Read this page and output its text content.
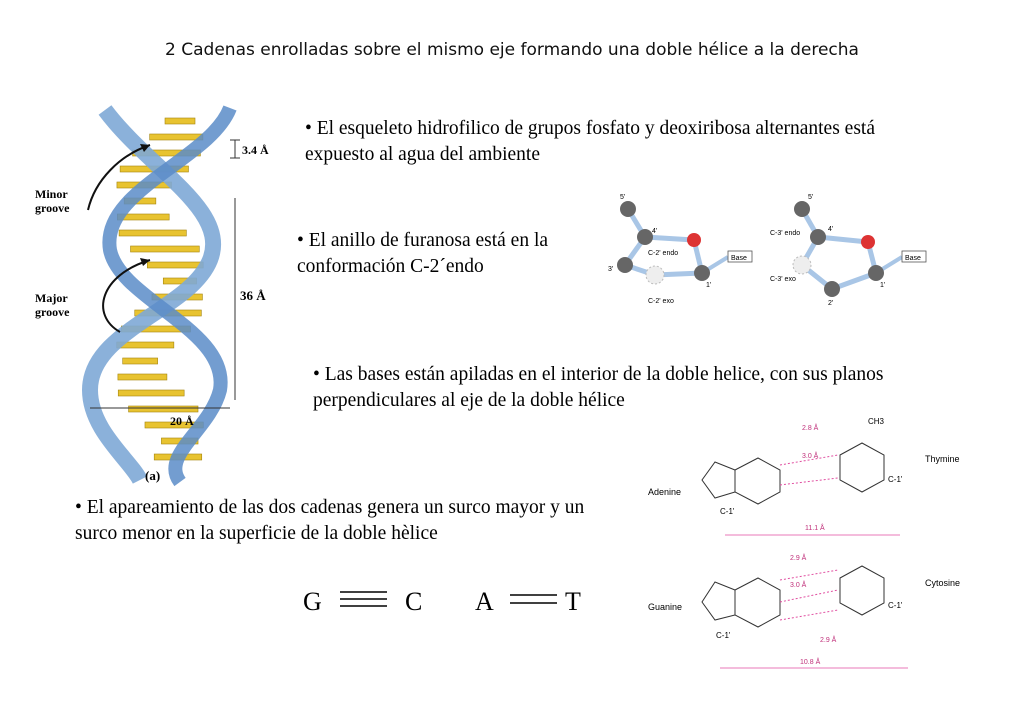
2 Cadenas enrolladas sobre el mismo eje formando una doble hélice a la derecha
3.4 Å
36 Å
20 Å
(a)
Minor
groove
Major
groove
• El esqueleto hidrofilico de grupos fosfato y deoxiribosa alternantes está expuesto al agua del ambiente
• El anillo de furanosa está en la conformación C-2´endo
• Las bases están apiladas en el interior de la doble helice, con sus planos perpendiculares al eje de la doble hélice
• El apareamiento de las dos cadenas genera un surco mayor y un surco menor en la superficie de la doble hèlice
Base
5'
4'
3'
1'
C-2' endo
C-2' exo
Base
5'
4'
2'
1'
C-3' endo
C-3' exo
G	C A	T
Adenine
Thymine
2.8 Å
3.0 Å
CH3
C-1'
C-1'
11.1 Å
Guanine
Cytosine
2.9 Å
3.0 Å
2.9 Å
C-1'
C-1'
10.8 Å
